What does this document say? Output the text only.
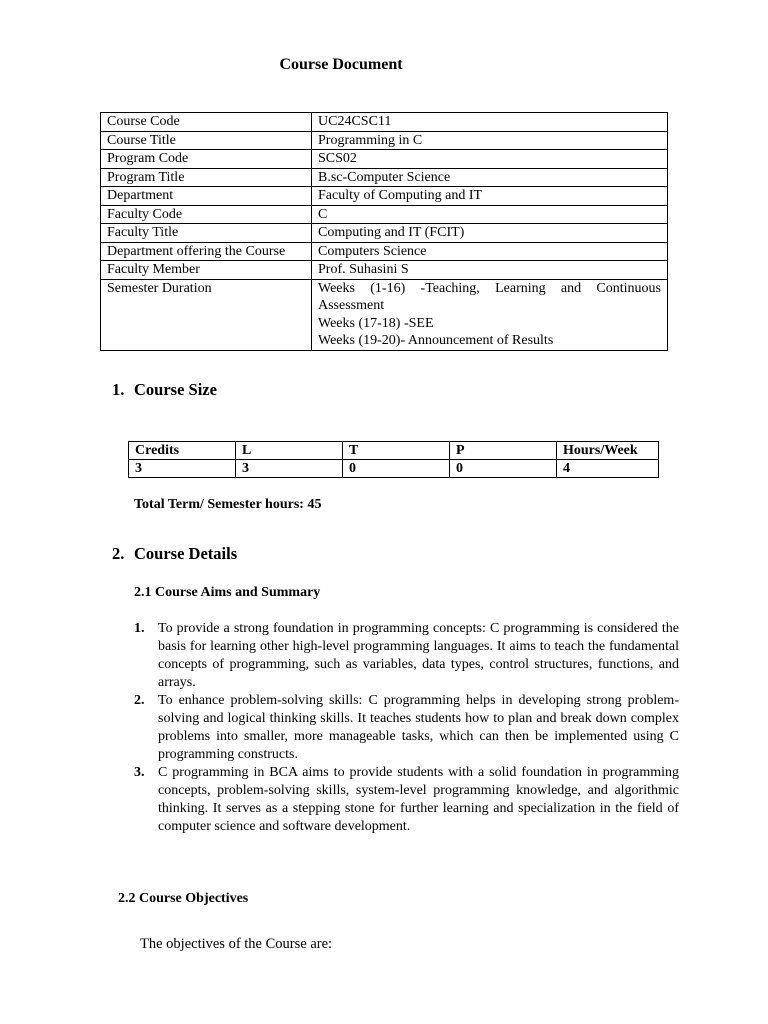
Course Document
Course Code	UC24CSC11

Course Title	Programming in C

Program Code	SCS02

Program Title	B.sc-Computer Science

Department	Faculty of Computing and IT

Faculty Code	C

Faculty Title	Computing and IT (FCIT)

Department offering the Course	Computers Science

Faculty Member	Prof. Suhasini S

Semester Duration	Weeks (1-16) -Teaching, Learning and Continuous Assessment
Weeks (17-18) -SEE
Weeks (19-20)- Announcement of Results
1. Course Size
Credits	L	T	P	Hours/Week
3	3	0	0	4
Total Term/ Semester hours: 45
2. Course Details
2.1 Course Aims and Summary
1. To provide a strong foundation in programming concepts: C programming is considered the basis for learning other high-level programming languages. It aims to teach the fundamental concepts of programming, such as variables, data types, control structures, functions, and arrays.
2. To enhance problem-solving skills: C programming helps in developing strong problem-solving and logical thinking skills. It teaches students how to plan and break down complex problems into smaller, more manageable tasks, which can then be implemented using C programming constructs.
3. C programming in BCA aims to provide students with a solid foundation in programming concepts, problem-solving skills, system-level programming knowledge, and algorithmic thinking. It serves as a stepping stone for further learning and specialization in the field of computer science and software development.
2.2 Course Objectives
The objectives of the Course are:
